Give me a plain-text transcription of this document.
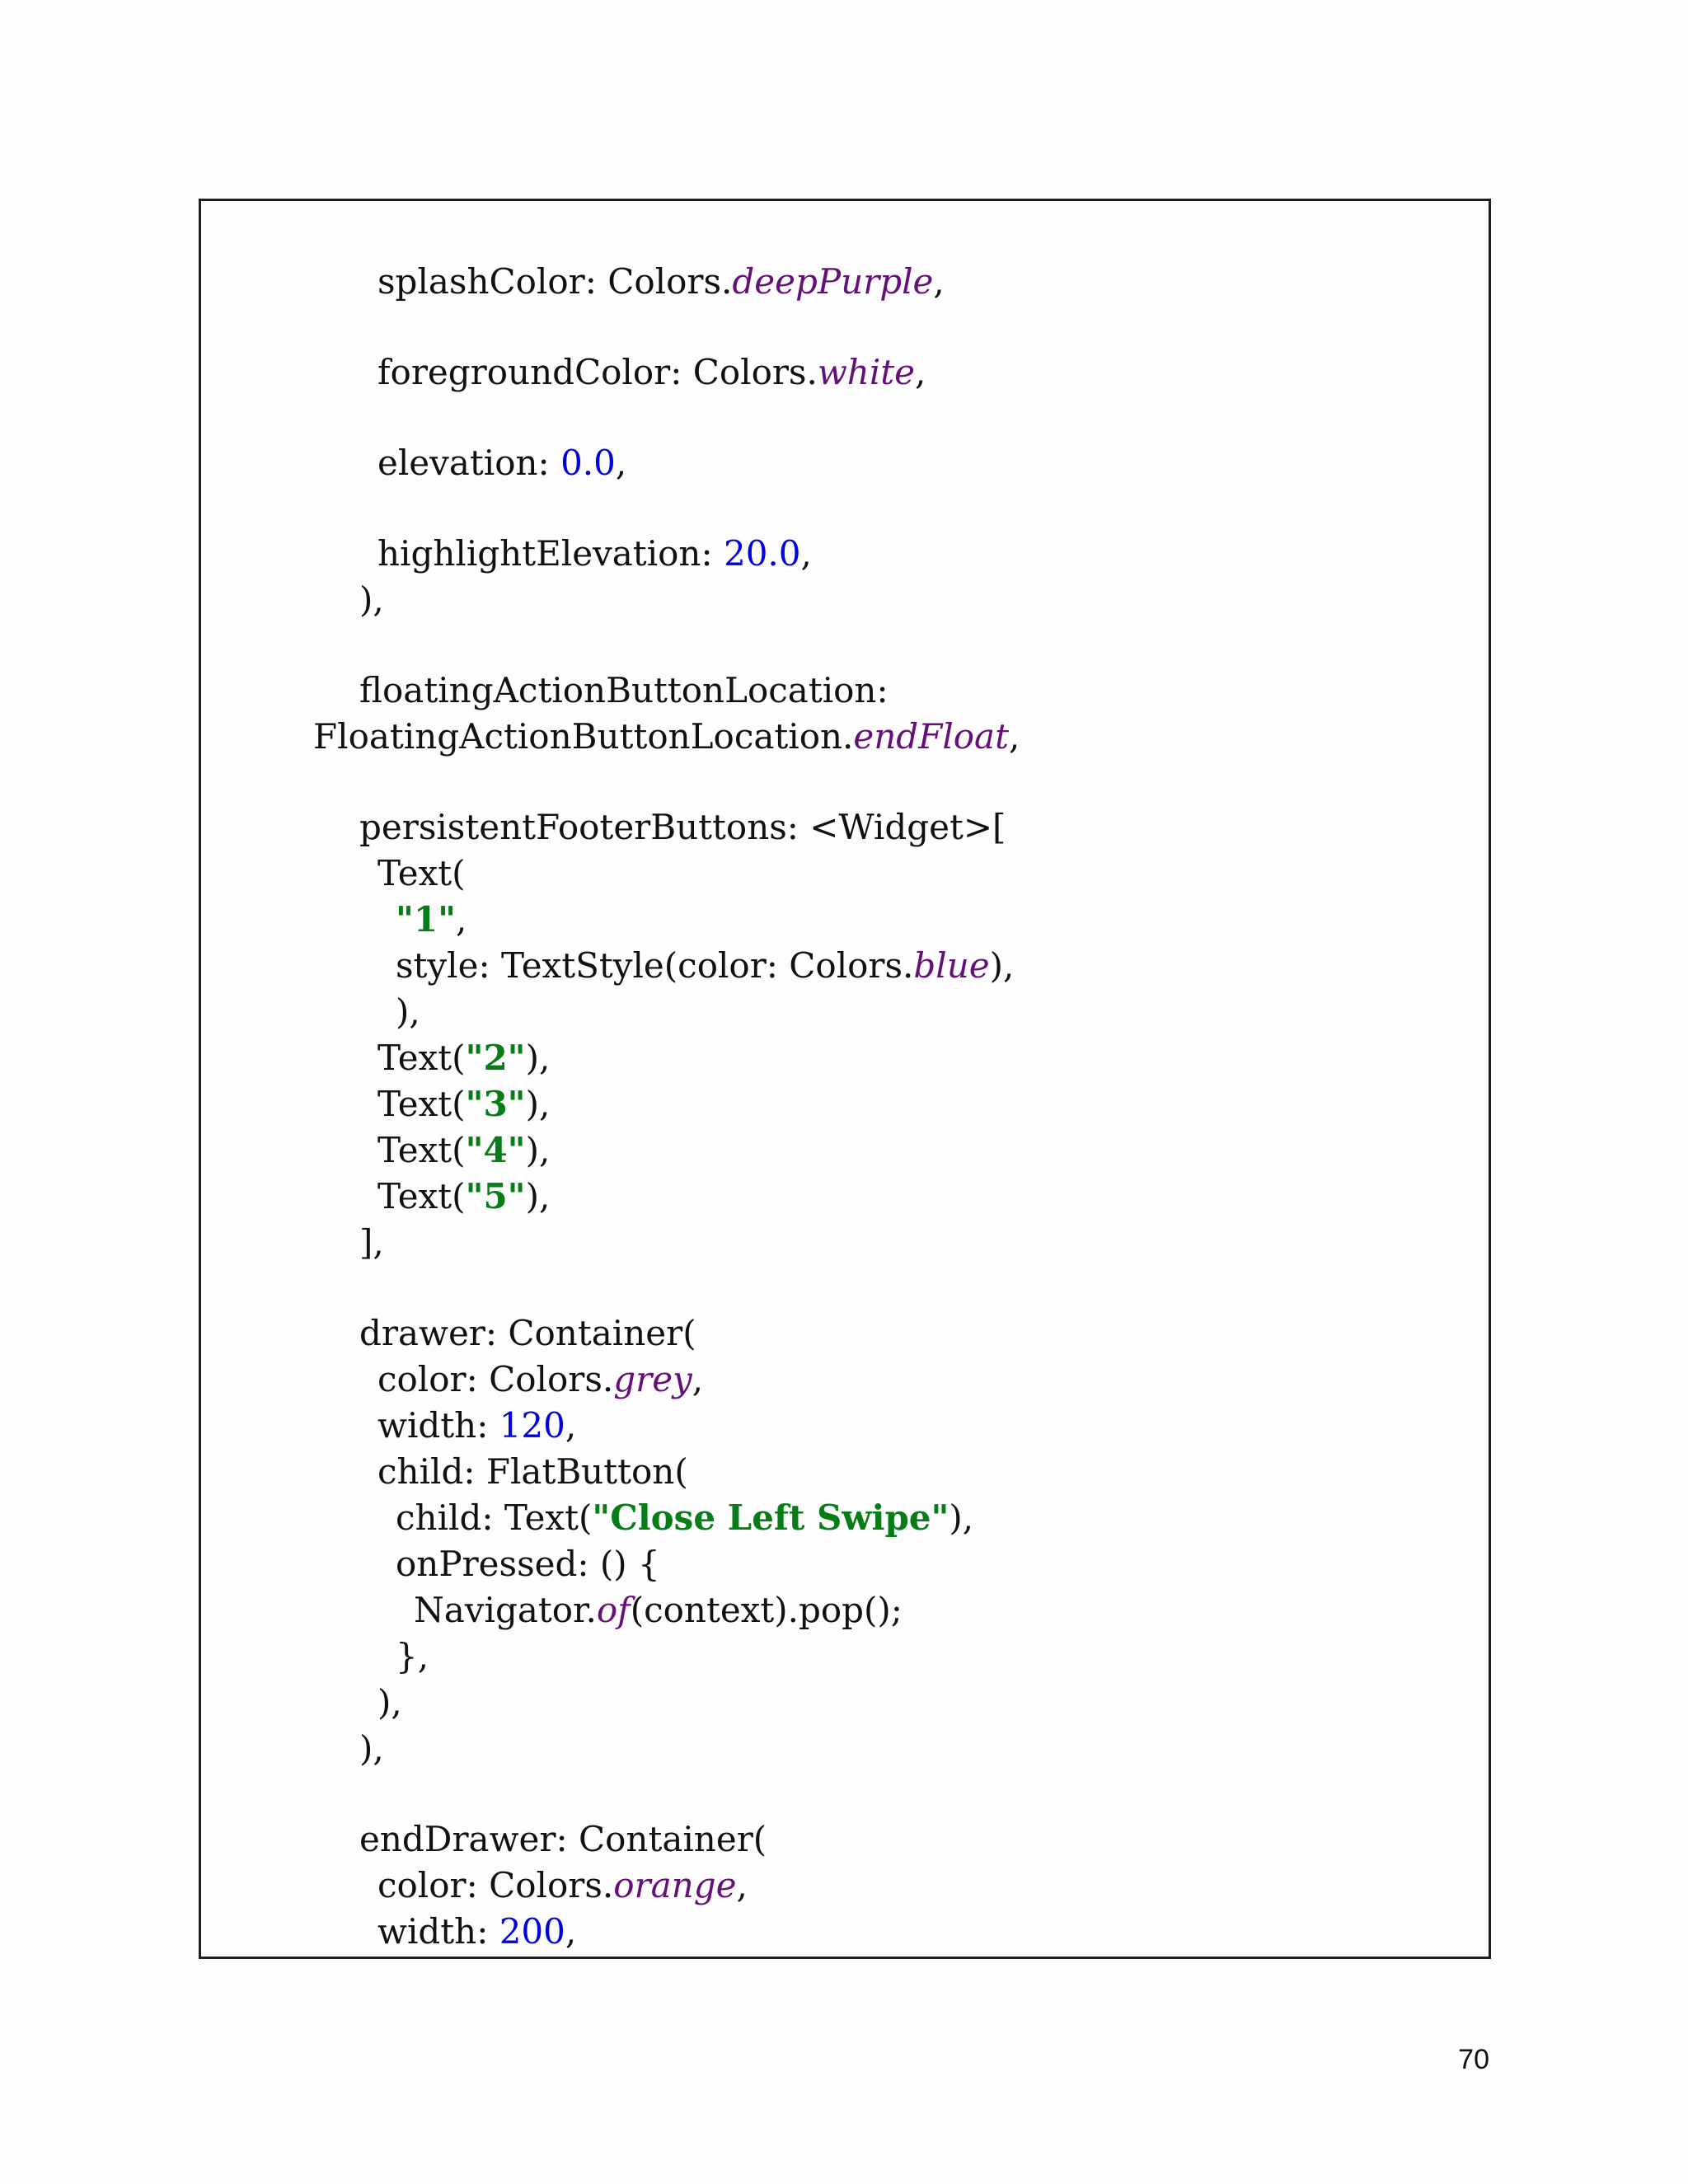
splashColor: Colors.deepPurple,
foregroundColor: Colors.white,
elevation: 0.0,
highlightElevation: 20.0,
),
floatingActionButtonLocation:
FloatingActionButtonLocation.endFloat,
persistentFooterButtons: <Widget>[
Text(
"1",
style: TextStyle(color: Colors.blue),
),
Text("2"),
Text("3"),
Text("4"),
Text("5"),
],
drawer: Container(
color: Colors.grey,
width: 120,
child: FlatButton(
child: Text("Close Left Swipe"),
onPressed: () {
Navigator.of(context).pop();
},
),
),
endDrawer: Container(
color: Colors.orange,
width: 200,
70
